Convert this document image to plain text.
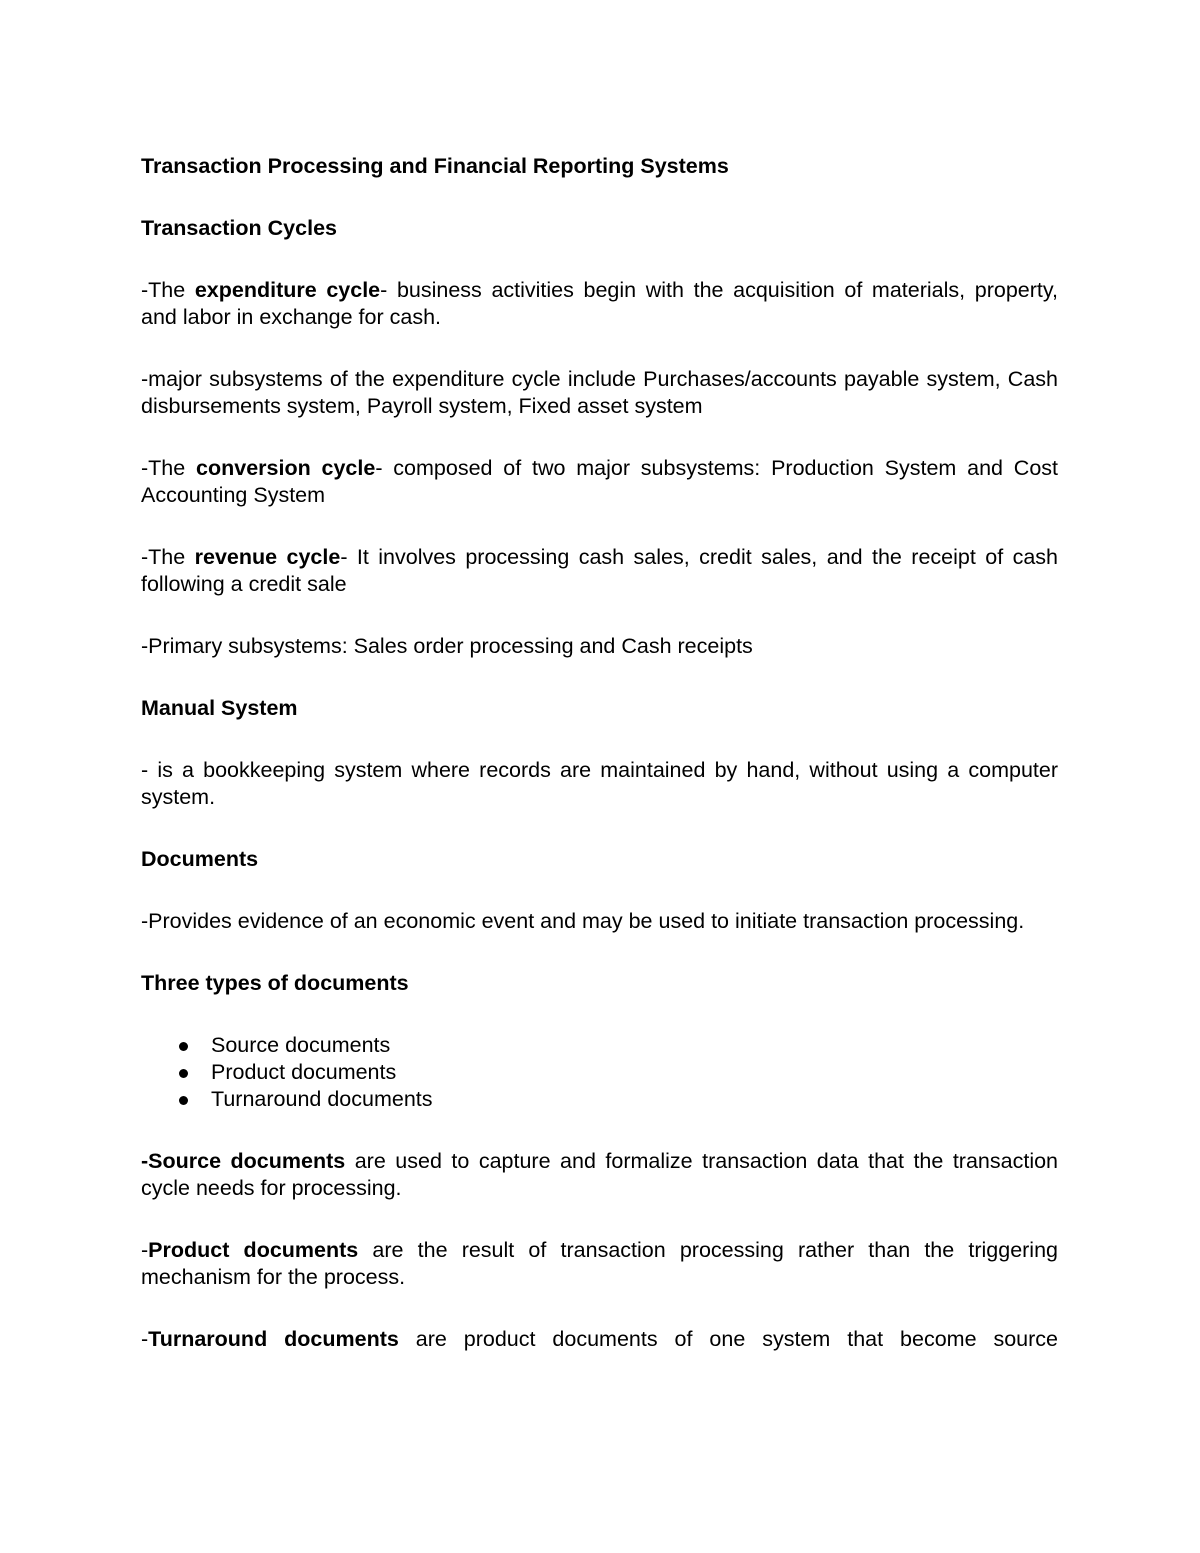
Transaction Processing and Financial Reporting Systems
Transaction Cycles
-The expenditure cycle- business activities begin with the acquisition of materials, property, and labor in exchange for cash.
-major subsystems of the expenditure cycle include Purchases/accounts payable system, Cash disbursements system, Payroll system, Fixed asset system
-The conversion cycle- composed of two major subsystems: Production System and Cost Accounting System
-The revenue cycle- It involves processing cash sales, credit sales, and the receipt of cash following a credit sale
-Primary subsystems: Sales order processing and Cash receipts
Manual System
- is a bookkeeping system where records are maintained by hand, without using a computer system.
Documents
-Provides evidence of an economic event and may be used to initiate transaction processing.
Three types of documents
Source documents
Product documents
Turnaround documents
-Source documents are used to capture and formalize transaction data that the transaction cycle needs for processing.
-Product documents are the result of transaction processing rather than the triggering mechanism for the process.
-Turnaround documents are product documents of one system that become source
